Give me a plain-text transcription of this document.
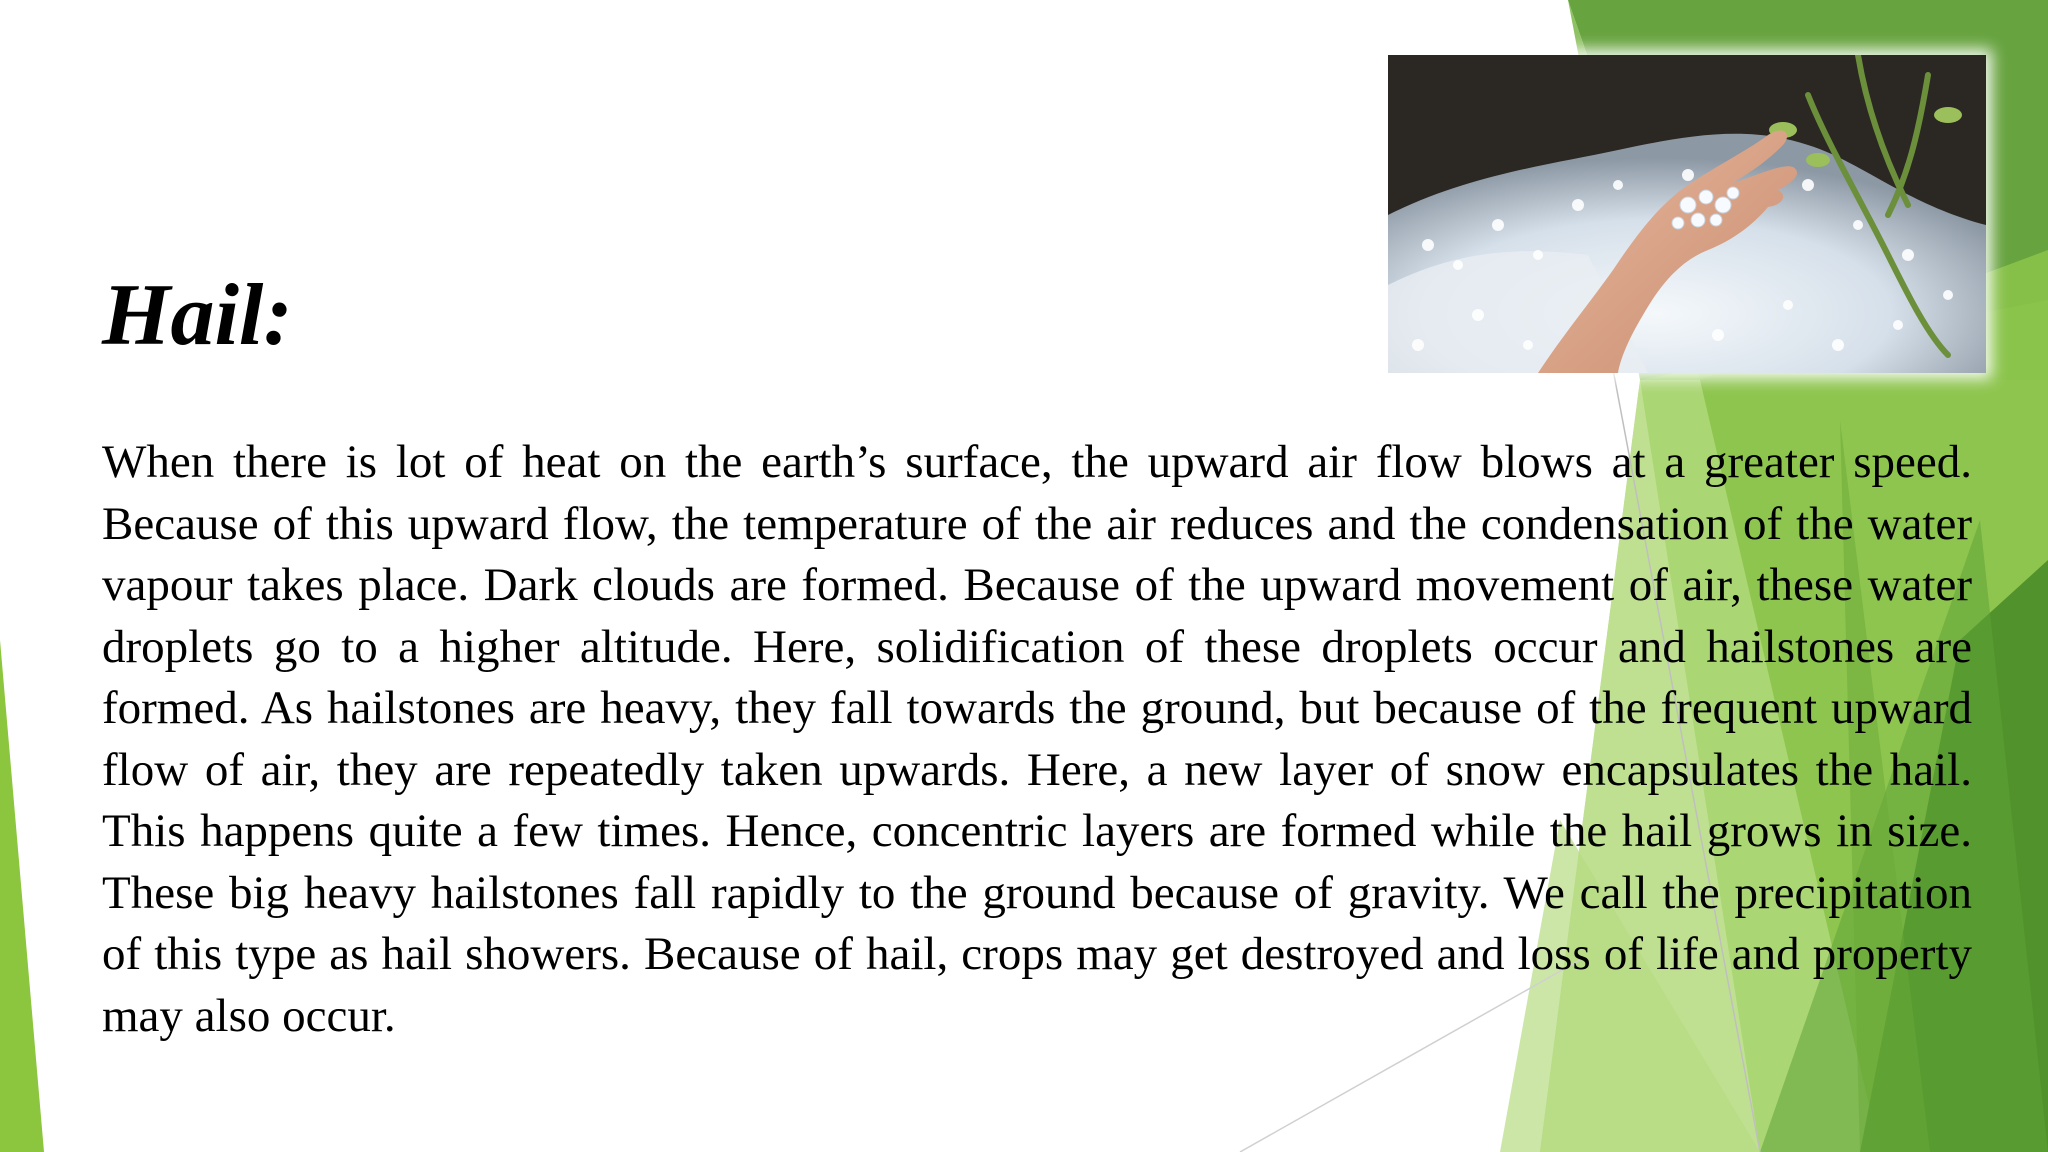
Hail:

When there is lot of heat on the earth’s surface, the upward air flow blows at a greater speed. Because of this upward flow, the temperature of the air reduces and the condensation of the water vapour takes place. Dark clouds are formed. Because of the upward movement of air, these water droplets go to a higher altitude. Here, solidification of these droplets occur and hailstones are formed. As hailstones are heavy, they fall towards the ground, but because of the frequent upward flow of air, they are repeatedly taken upwards. Here, a new layer of snow encapsulates the hail. This happens quite a few times. Hence, concentric layers are formed while the hail grows in size. These big heavy hailstones fall rapidly to the ground because of gravity. We call the precipitation of this type as hail showers. Because of hail, crops may get destroyed and loss of life and property may also occur.
